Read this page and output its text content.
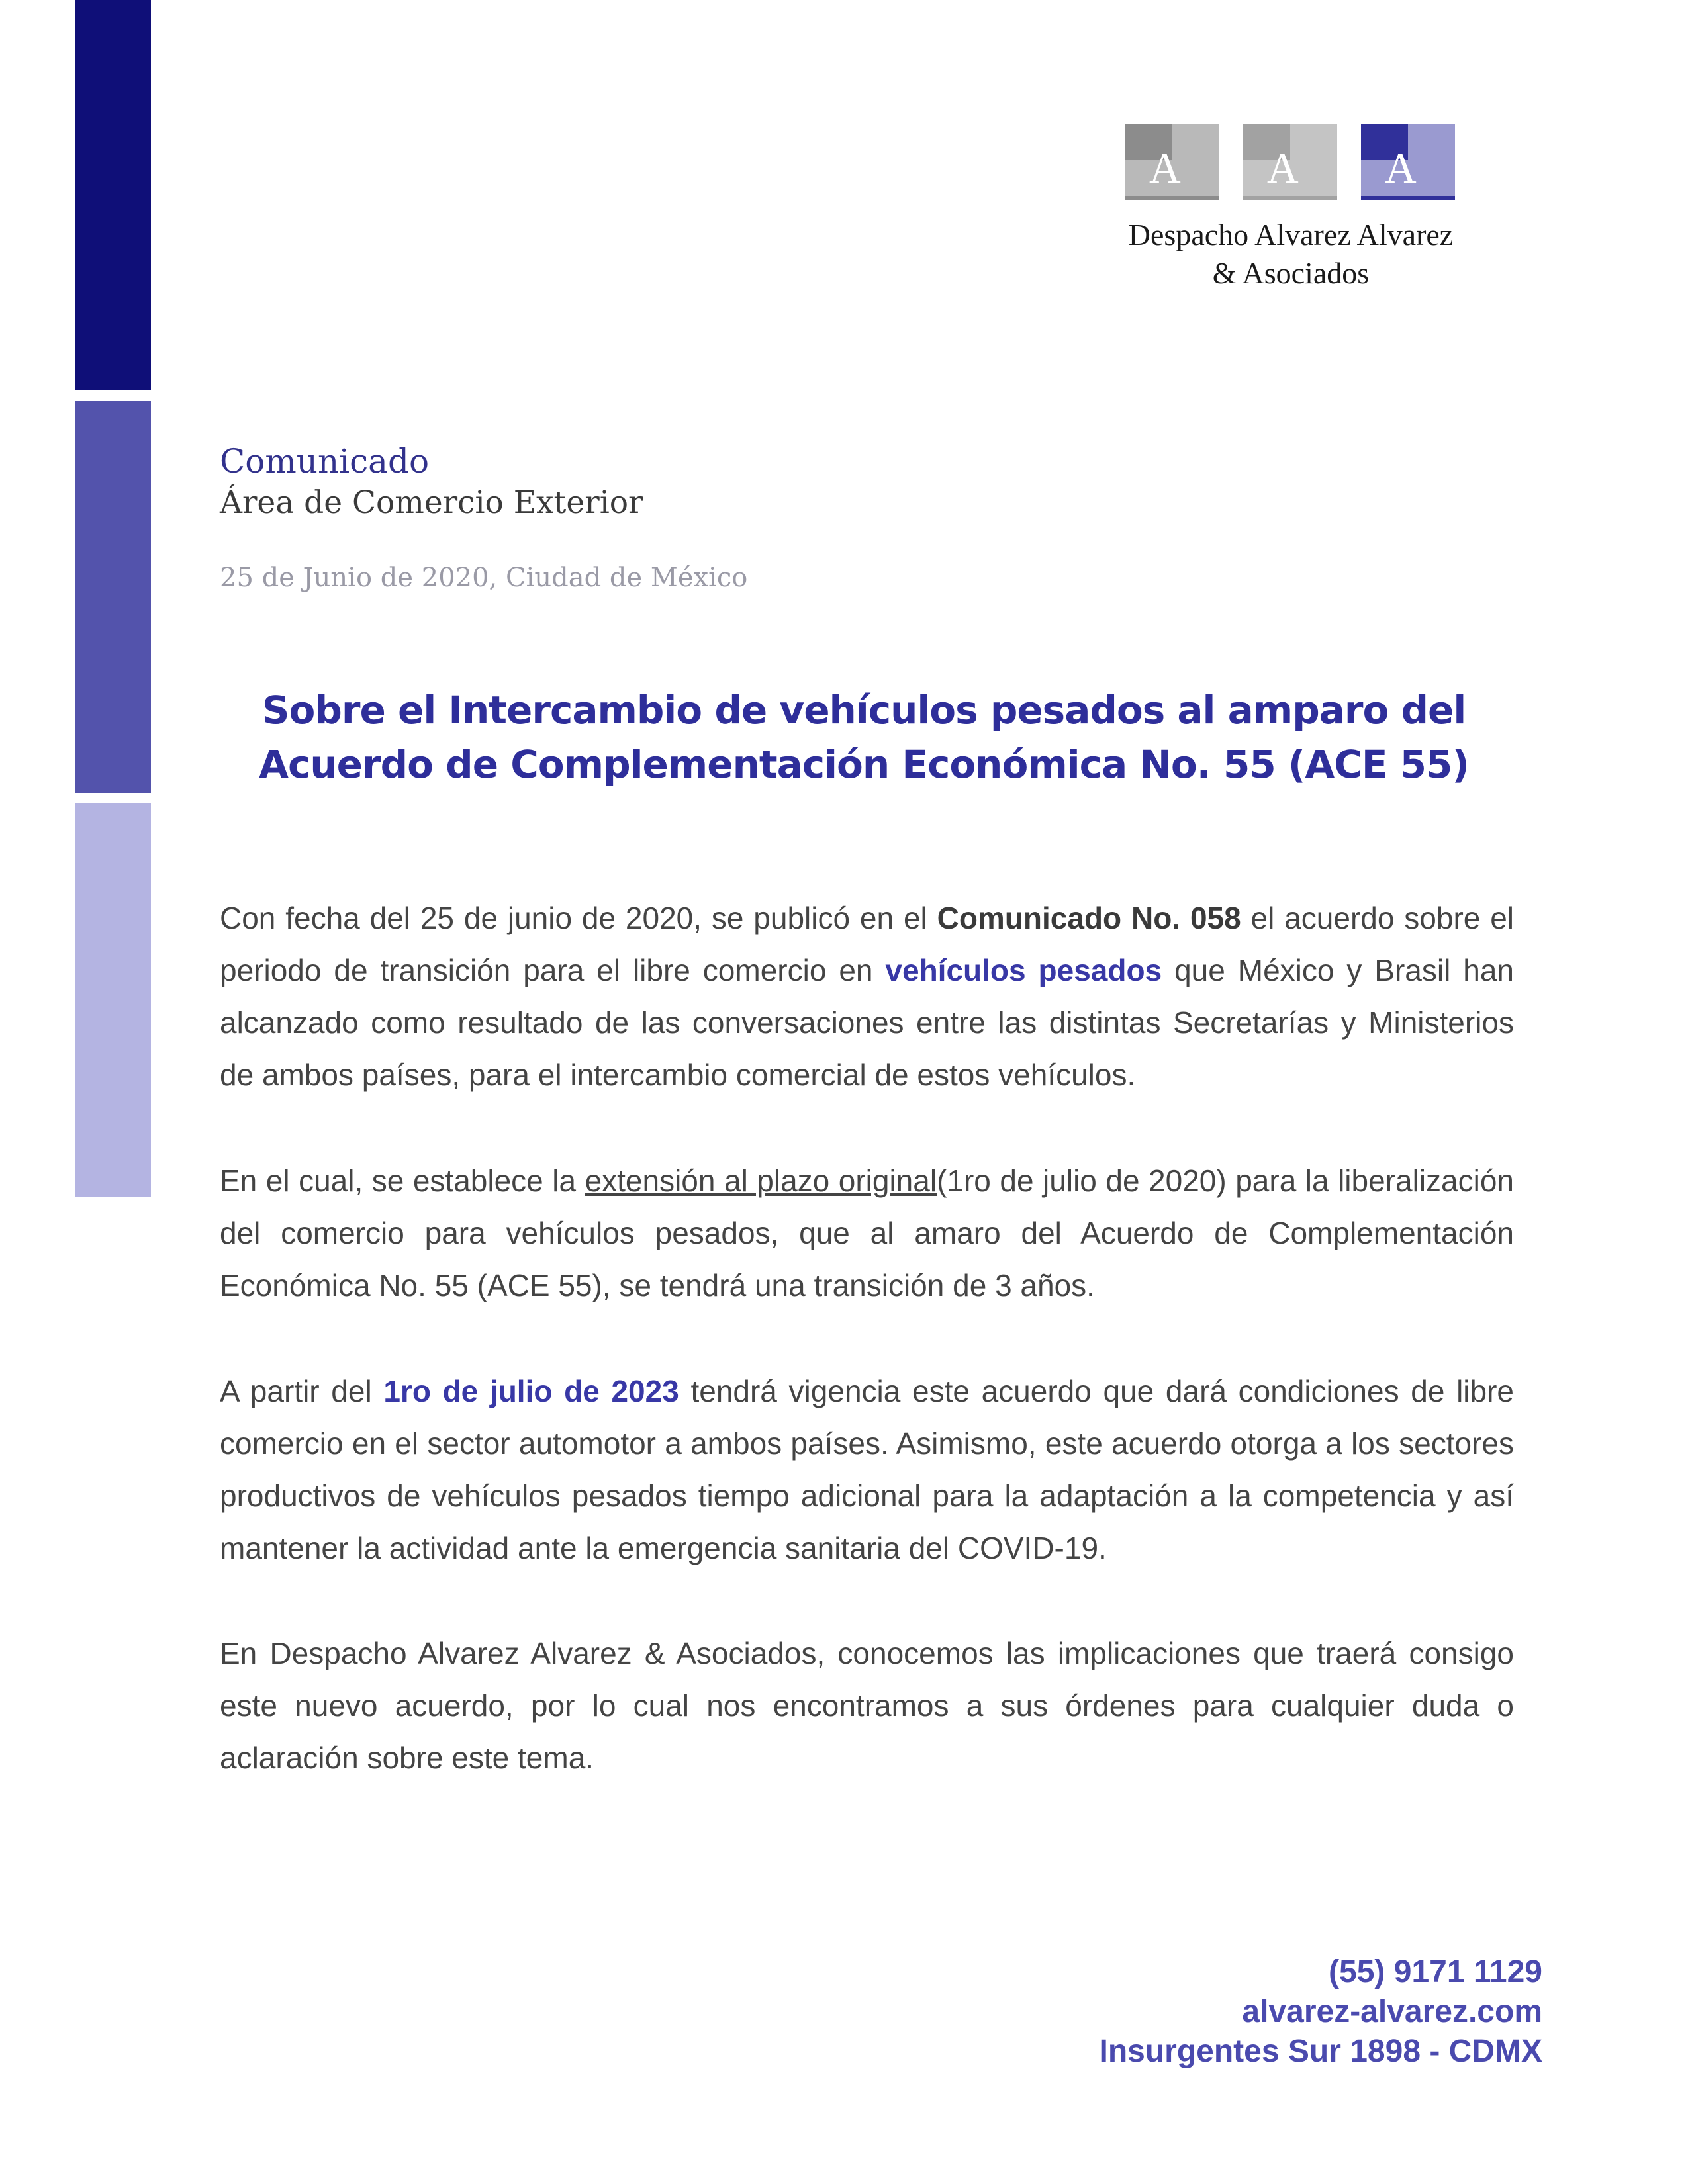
A A A
Despacho Alvarez Alvarez
& Asociados
Comunicado
Área de Comercio Exterior
25 de Junio de 2020, Ciudad de México
Sobre el Intercambio de vehículos pesados al amparo del
Acuerdo de Complementación Económica No. 55 (ACE 55)

Con fecha del 25 de junio de 2020, se publicó en el Comunicado No. 058 el acuerdo sobre el periodo de transición para el libre comercio en vehículos pesados que México y Brasil han alcanzado como resultado de las conversaciones entre las distintas Secretarías y Ministerios de ambos países, para el intercambio comercial de estos vehículos.

En el cual, se establece la extensión al plazo original(1ro de julio de 2020) para la liberalización del comercio para vehículos pesados, que al amaro del Acuerdo de Complementación Económica No. 55 (ACE 55), se tendrá una transición de 3 años.

A partir del 1ro de julio de 2023 tendrá vigencia este acuerdo que dará condiciones de libre comercio en el sector automotor a ambos países. Asimismo, este acuerdo otorga a los sectores productivos de vehículos pesados tiempo adicional para la adaptación a la competencia y así mantener la actividad ante la emergencia sanitaria del COVID-19.

En Despacho Alvarez Alvarez & Asociados, conocemos las implicaciones que traerá consigo este nuevo acuerdo, por lo cual nos encontramos a sus órdenes para cualquier duda o aclaración sobre este tema.

(55) 9171 1129
alvarez-alvarez.com
Insurgentes Sur 1898 - CDMX
